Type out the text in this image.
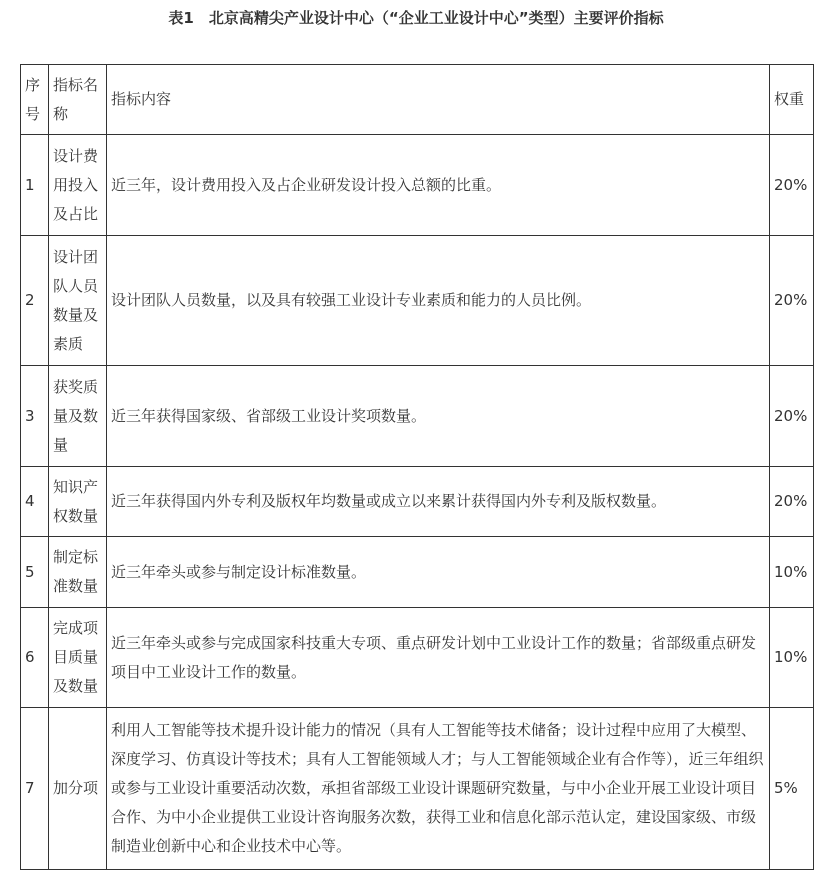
表1　北京高精尖产业设计中心（“企业工业设计中心”类型）主要评价指标
序号	指标名称	指标内容	权重
1	设计费用投入及占比	近三年，设计费用投入及占企业研发设计投入总额的比重。	20%
2	设计团队人员数量及素质	设计团队人员数量，以及具有较强工业设计专业素质和能力的人员比例。	20%
3	获奖质量及数量	近三年获得国家级、省部级工业设计奖项数量。	20%
4	知识产权数量	近三年获得国内外专利及版权年均数量或成立以来累计获得国内外专利及版权数量。	20%
5	制定标准数量	近三年牵头或参与制定设计标准数量。	10%
6	完成项目质量及数量	近三年牵头或参与完成国家科技重大专项、重点研发计划中工业设计工作的数量；省部级重点研发项目中工业设计工作的数量。	10%
7	加分项	利用人工智能等技术提升设计能力的情况（具有人工智能等技术储备；设计过程中应用了大模型、深度学习、仿真设计等技术；具有人工智能领域人才；与人工智能领域企业有合作等），近三年组织或参与工业设计重要活动次数，承担省部级工业设计课题研究数量，与中小企业开展工业设计项目合作、为中小企业提供工业设计咨询服务次数，获得工业和信息化部示范认定，建设国家级、市级制造业创新中心和企业技术中心等。	5%
